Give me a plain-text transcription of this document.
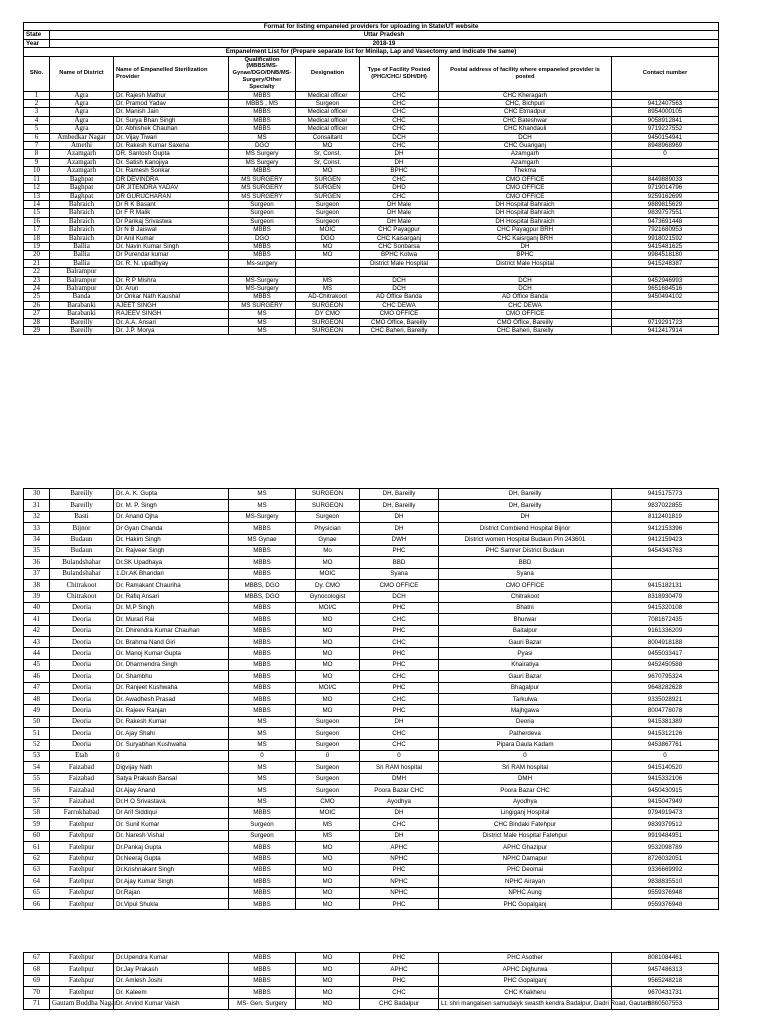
Format for listing empaneled providers for uploading in State/UT website							
State	Uttar Pradesh						
Year	2018-19						
Empanelment List for (Prepare separate list for Minilap, Lap and Vasectomy and indicate the same)							
SNo.	Name of District	Name of Empanelled Sterilization Provider	Qualification (MBBS/MS-Gynae/DGO/DNB/MS-Surgery/Other Specialty	Designation	Type of Facility Posted (PHC/CHC/ SDH/DH)	Postal address of facility where empaneled provider is posted	Contact number
1	Agra	Dr. Rajesh Mathur	MBBS	Medical officer	CHC	CHC Kheragarh	
2	Agra	Dr. Pramod Yadav	MBBS , MS	Surgeon	CHC	CHC, Bichpuri	9412407563
3	Agra	Dr. Manish Jain	MBBS	Medical officer	CHC	CHC Etmadpur	8954000105
4	Agra	Dr. Surya Bhan Singh	MBBS	Medical officer	CHC	CHC Bateshwar	9058912841
5	Agra	Dr. Abhishek Chauhan	MBBS	Medical officer	CHC	CHC Khandauli	9719227552
6	Ambedkar Nagar	Dr. Vijay Tiwari	MS	Consaltant	DCH	DCH	9450154941
7	Amethi	Dr. Rakesh Kumar Saxena	DGO	MO	CHC	CHC Guariganj	8948968969
8	Azamgarh	DR. Santosh Gupta	MS Surgery	Sr, Const.	DH	Azamgarh	0
9	Azamgarh	Dr. Satish Kanojiya	MS Surgery	Sr, Const.	DH	Azamgarh	
10	Azamgarh	Dr. Ramesh Sonkar	MBBS	MO	BPHC	Thekma	
11	Baghpat	DR DEVINDRA	MS SURGERY	SURGEN	CHC	CMO OFFICE	8449889033
12	Baghpat	DR JITENDRA YADAV	MS SURGERY	SURGEN	DHD	CMO OFFICE	9719014796
13	Baghpat	DR GURUCHARAN	MS SURGERY	SURGEN	CHC	CMO OFFICE	9259162699
14	Bahraich	Dr R K Basant	Surgeon	Surgeon	DH Male	DH Hospital Bahraich	9889815629
15	Bahraich	Dr F R Malik	Surgeon	Surgeon	DH Male	DH Hospital Bahraich	9839757551
16	Bahraich	Dr Pankaj Srivastwa	Surgeon	Surgeon	DH Male	DH Hospital Bahraich	9473691448
17	Bahraich	Dr N B Jaiswal	MBBS	MOIC	CHC Payagpur	CHC Payagpur BRH	7921680953
18	Bahraich	Dr Anil Kumar	DGO	DGO	CHC Kaisarganj	CHC Kaisrganj BRH	9918021592
19	Ballia	Dr. Navin Kumar Singh	MBBS	MO	CHC Sonbarsa	DH	9415481625
20	Ballia	Dr Purendar kumar	MBBS	MO	BPHC Kotwa	BPHC	9984518180
21	Ballia	Dr. R. N. upadhyay	Ms-surgery		District Male Hospital	District Male Hospital	9415248387
22	Balrampur						
23	Balrampur	Dr. R P Mishra	MS-Surgery	MS	DCH	DCH	9452946993
24	Balrampur	Dr. Arun	MS-Surgery	MS	DCH	DCH	9651684516
25	Banda	Dr Onkar Nath Kaushal	MBBS	AD-Chitrakoot	AD Office Banda	AD Office Banda	9450494102
26	Barabanki	AJEET SINGH	MS SURGERY	SURGEON	CHC DEWA	CHC DEWA	
27	Barabanki	RAJEEV SINGH	MS	DY CMO	CMO OFFICE	CMO OFFICE	
28	Bareilly	Dr. A.A. Ansari	MS	SURGEON	CMO Office, Bareilly	CMO Office, Bareilly	9719291723
29	Bareilly	Dr. J.P. Morya	MS	SURGEON	CHC Baheri, Bareilly	CHC Baheri, Bareilly	9412417914
30	Bareilly	Dr. A. K. Gupta	MS	SURGEON	DH, Bareilly	DH, Bareilly	9415175773
31	Bareilly	Dr. M. P. Singh	MS	SURGEON	DH, Bareilly	DH, Bareilly	9837022855
32	Basti	Dr. Anand Ojha	MS-Surgery	Surgeon	DH	DH	8112401819
33	Bijnor	Dr Gyan Chanda	MBBS	Physician	DH	District Combiend Hospital Bijnor	9412153396
34	Budaun	Dr. Hakim Singh	MS Gynae	Gynae	DWH	District women Hospital Budaun Pin 243601	9412159423
35	Budaun	Dr. Rajveer Singh	MBBS	Mo	PHC	PHC Samrer District Budaun	9454343763
36	Bulandshahar	Dr.SK Upadhaya	MBBS	MO	BBD	BBD	
37	Bulandshahar	1.Dr.AK Bhandari	MBBS	MOIC	Syana	Syana	
38	Chitrakoot	Dr. Ramakant Chauriha	MBBS, DGO	Dy. CMO	CMO OFFICE	CMO OFFICE	9415182131
39	Chitrakoot	Dr. Rafiq Ansari	MBBS, DGO	Gynocologist	DCH	Chitrakoot	8318930479
40	Deoria	Dr. M.P Singh	MBBS	MOI/C	PHC	Bhatni	9415320108
41	Deoria	Dr. Murari Rai	MBBS	MO	CHC	Bhurwar	7081672435
42	Deoria	Dr. Dhirendra Kumar Chauhan	MBBS	MO	PHC	Baitalpur	9161336209
43	Deoria	Dr. Brahma Nand Giri	MBBS	MO	CHC	Gauri Bazar	8004918188
44	Deoria	Dr. Manoj Kumar Gupta	MBBS	MO	PHC	Pyasi	9455033417
45	Deoria	Dr. Dharmendra Singh	MBBS	MO	PHC	Khairatiya	9452450588
46	Deoria	Dr. Shambhu	MBBS	MO	CHC	Gauri Bazar	9670795324
47	Deoria	Dr. Ranjeet Kushwaha	MBBS	MOI/C	PHC	Bhagalpur	9648282628
48	Deoria	Dr. Awadhesh Prasad	MBBS	MO	CHC	Tarkulwa	9335028921
49	Deoria	Dr. Rajeev Ranjan	MBBS	MO	PHC	Majhgawa	8004778078
50	Deoria	Dr. Rakesh Kumar	MS	Surgeon	DH	Deoria	9415381389
51	Deoria	Dr. Ajay Shahi	MS	Surgeon	CHC	Patherdeva	9415312126
52	Deoria	Dr. Suryabhan Kushwaha	MS	Surgeon	CHC	Pipara Daula Kadam	9453867761
53	Etah	0	0	0	0	0	0
54	Faizabad	Digvijay Nath	MS	Surgeon	Sri RAM hospital	Sri RAM hospital	9415140520
55	Faizabad	Satya Prakash Bansal	MS	Surgeon	DMH	DMH	9415332106
56	Faizabad	Dr.Ajay Anand	MS	Surgeon	Poora Bazar CHC	Poora Bazar CHC	9450430915
57	Faizabad	Dr.H O Srivastava	MS	CMO	Ayodhya	Ayodhya	9415047949
58	Farrukhabad	Dr Arif Siddiqui	MBBS	MOIC	DH	Lingiganj Hospital	9794919473
59	Fatehpur	Dr. Sunil Kumar	Surgeon	MS	CHC	CHC Bindaki Fatehpur	9839379512
60	Fatehpur	Dr. Naresh Vishal	Surgeon	MS	DH	District Male Hospital Fatehpur	9919484951
61	Fatehpur	Dr.Pankaj Gupta	MBBS	MO	APHC	APHC Ghazipur	9532098789
62	Fatehpur	Dr.Neeraj Gupta	MBBS	MO	NPHC	NPHC Damapur	8726032051
63	Fatehpur	Dr.Krishnakant Singh	MBBS	MO	PHC	PHC Deomai	9336669992
64	Fatehpur	Dr.Ajay Kumar Singh	MBBS	MO	NPHC	NPHC Airayan	9838835510
65	Fatehpur	Dr.Rajan	MBBS	MO	NPHC	NPHC Aung	9559376948
66	Fatehpur	Dr.Vipul Shukla	MBBS	MO	PHC	PHC Gopalganj	9559376948
67	Fatehpur	Dr.Upendra Kumar	MBBS	MO	PHC	PHC Asother	8081084461
68	Fatehpur	Dr.Jay Prakash	MBBS	MO	APHC	APHC Dighurwa	9457486313
69	Fatehpur	Dr. Amlesh Joshi	MBBS	MO	PHC	PHC Gopalganj	9565248218
70	Fatehpur	Dr. Kaleem	MBBS	MO	CHC	CHC Khakheru	9670431731
71	Gautam Buddha Nagar	Dr. Arvind Kumar Vaish	MS- Gen. Surgery	MO	CHC Badalpur	Lt. shri mangalsen samudaiyk swasth kendra Badalpur, Dadri Road, Gautam	8860507553
